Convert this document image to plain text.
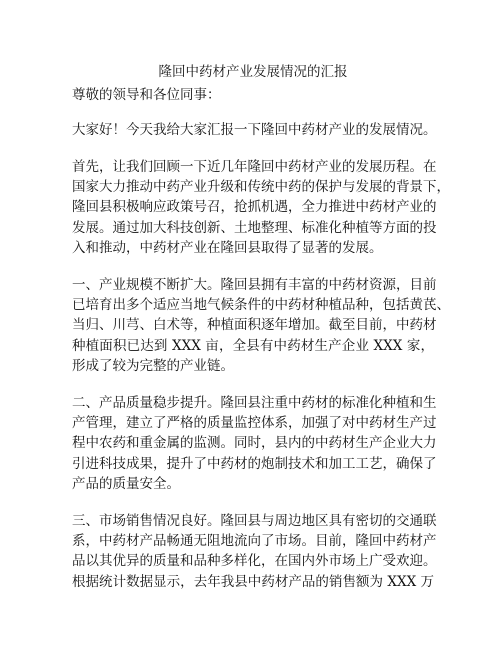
隆回中药材产业发展情况的汇报
尊敬的领导和各位同事：
大家好！今天我给大家汇报一下隆回中药材产业的发展情况。
首先，让我们回顾一下近几年隆回中药材产业的发展历程。在
国家大力推动中药产业升级和传统中药的保护与发展的背景下，
隆回县积极响应政策号召，抢抓机遇，全力推进中药材产业的
发展。通过加大科技创新、土地整理、标准化种植等方面的投
入和推动，中药材产业在隆回县取得了显著的发展。
一、产业规模不断扩大。隆回县拥有丰富的中药材资源，目前
已培育出多个适应当地气候条件的中药材种植品种，包括黄芪、
当归、川芎、白术等，种植面积逐年增加。截至目前，中药材
种植面积已达到 XXX 亩，全县有中药材生产企业 XXX 家，
形成了较为完整的产业链。
二、产品质量稳步提升。隆回县注重中药材的标准化种植和生
产管理，建立了严格的质量监控体系，加强了对中药材生产过
程中农药和重金属的监测。同时，县内的中药材生产企业大力
引进科技成果，提升了中药材的炮制技术和加工工艺，确保了
产品的质量安全。
三、市场销售情况良好。隆回县与周边地区具有密切的交通联
系，中药材产品畅通无阻地流向了市场。目前，隆回中药材产
品以其优异的质量和品种多样化，在国内外市场上广受欢迎。
根据统计数据显示，去年我县中药材产品的销售额为 XXX 万
